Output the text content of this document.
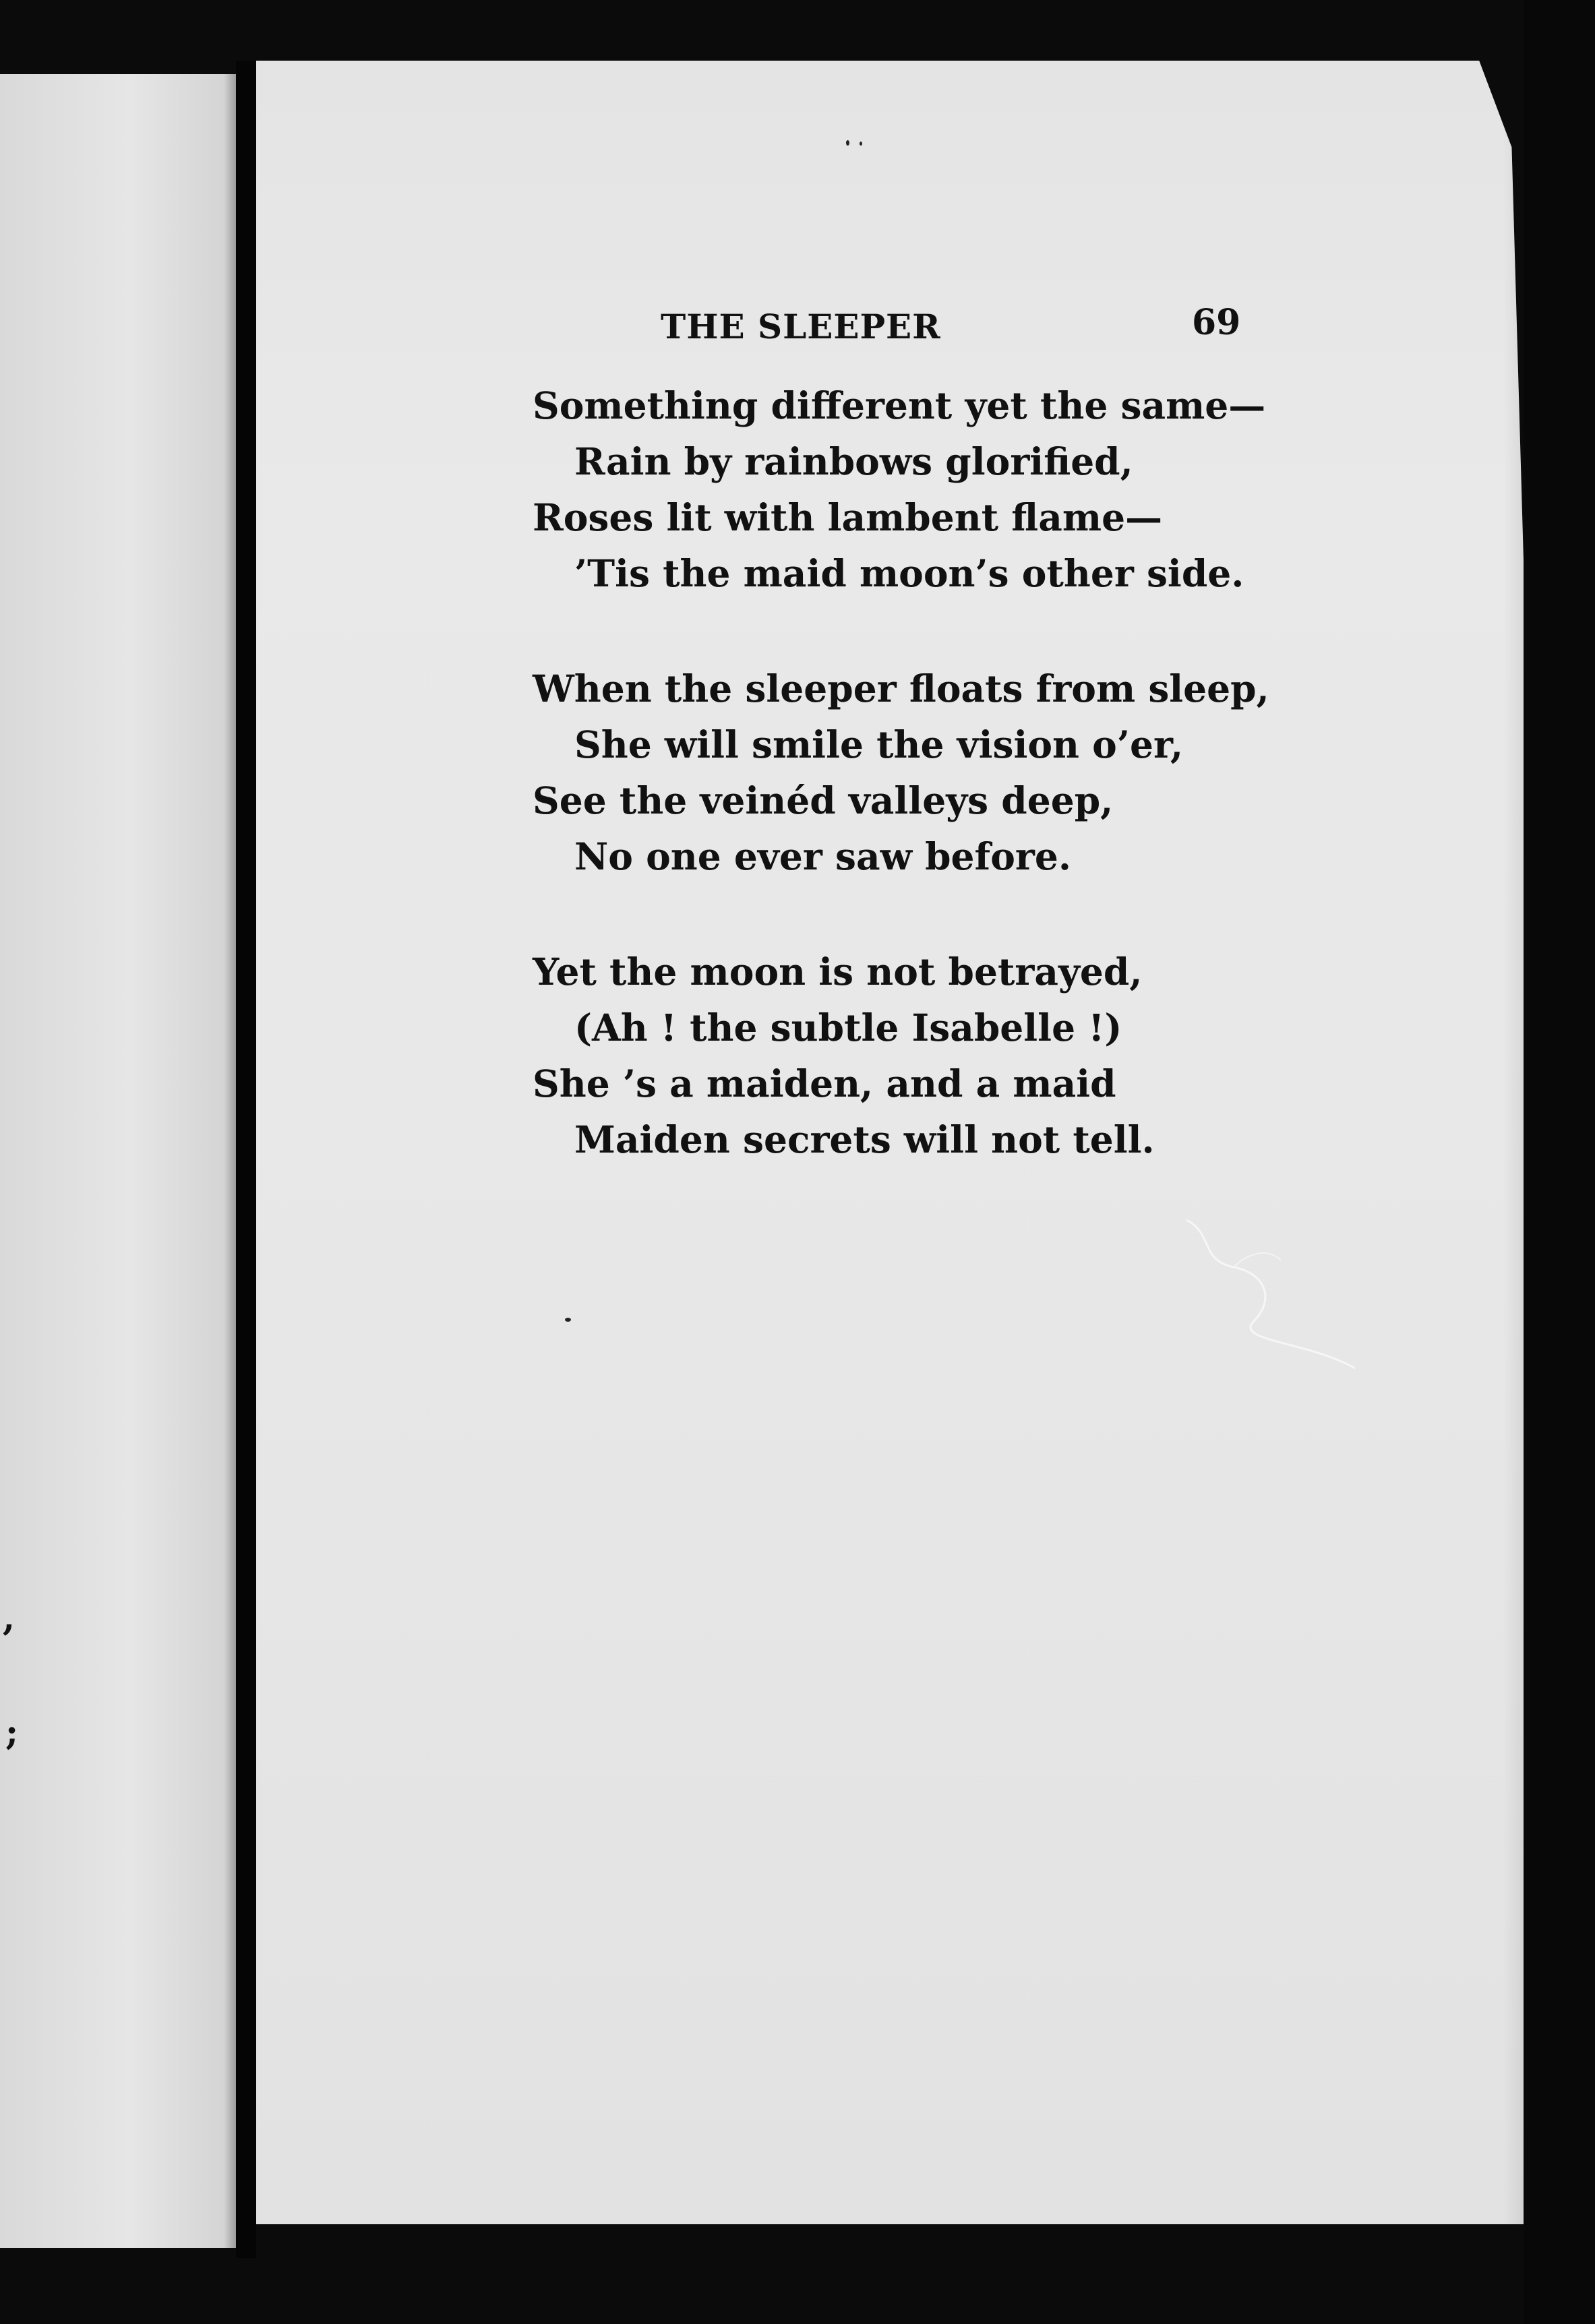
,
;
THE SLEEPER	69
Something different yet the same—
Rain by rainbows glorified,
Roses lit with lambent flame—
’Tis the maid moon’s other side.
When the sleeper floats from sleep,
She will smile the vision o’er,
See the veinéd valleys deep,
No one ever saw before.
Yet the moon is not betrayed,
(Ah ! the subtle Isabelle !)
She ’s a maiden, and a maid
Maiden secrets will not tell.
